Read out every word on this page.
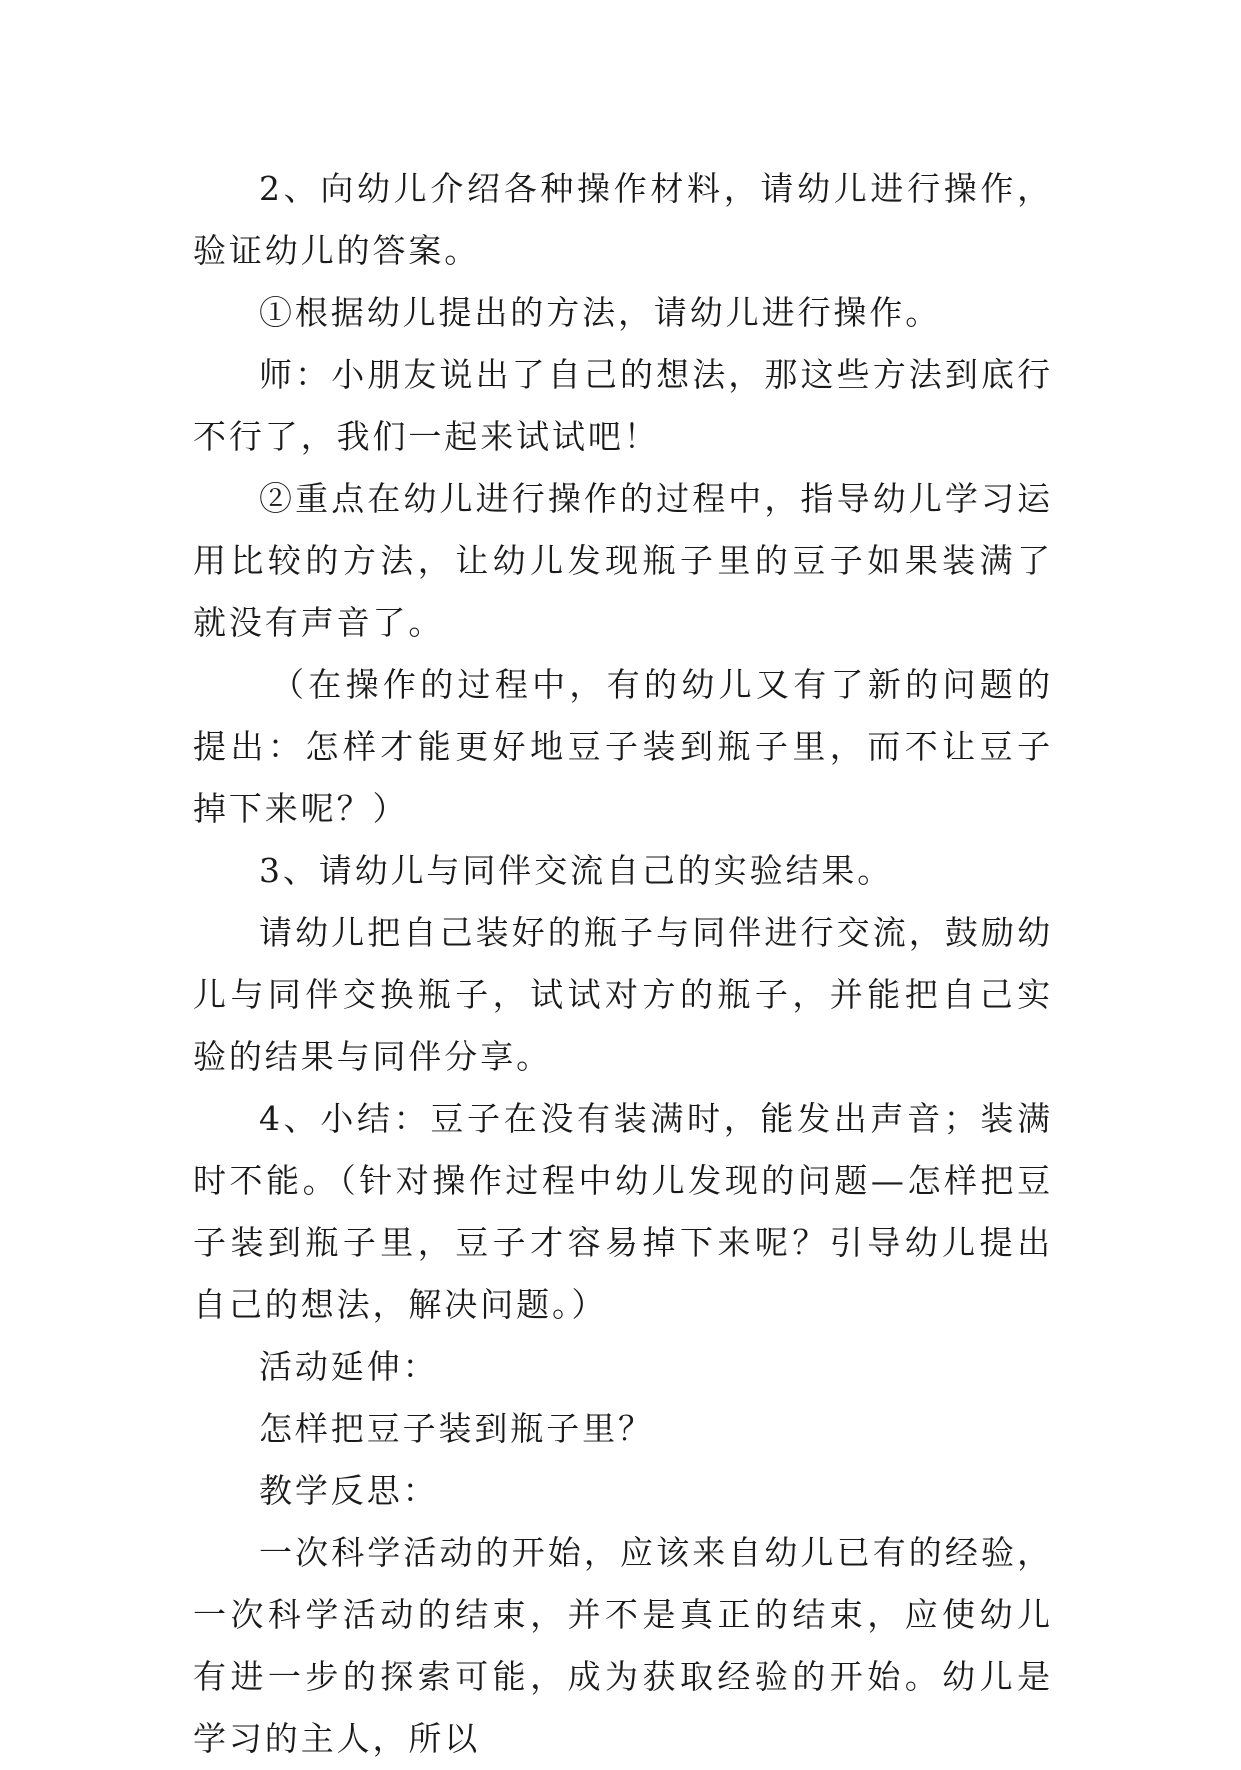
2、向幼儿介绍各种操作材料，请幼儿进行操作，验证幼儿的答案。

①根据幼儿提出的方法，请幼儿进行操作。

师：小朋友说出了自己的想法，那这些方法到底行不行了，我们一起来试试吧！

②重点在幼儿进行操作的过程中，指导幼儿学习运用比较的方法，让幼儿发现瓶子里的豆子如果装满了就没有声音了。

（在操作的过程中，有的幼儿又有了新的问题的提出：怎样才能更好地豆子装到瓶子里，而不让豆子掉下来呢？）

3、请幼儿与同伴交流自己的实验结果。

请幼儿把自己装好的瓶子与同伴进行交流，鼓励幼儿与同伴交换瓶子，试试对方的瓶子，并能把自己实验的结果与同伴分享。

4、小结：豆子在没有装满时，能发出声音；装满时不能。（针对操作过程中幼儿发现的问题—怎样把豆子装到瓶子里，豆子才容易掉下来呢？引导幼儿提出自己的想法，解决问题。）

活动延伸：

怎样把豆子装到瓶子里？

教学反思：

一次科学活动的开始，应该来自幼儿已有的经验，一次科学活动的结束，并不是真正的结束，应使幼儿有进一步的探索可能，成为获取经验的开始。幼儿是学习的主人，所以
